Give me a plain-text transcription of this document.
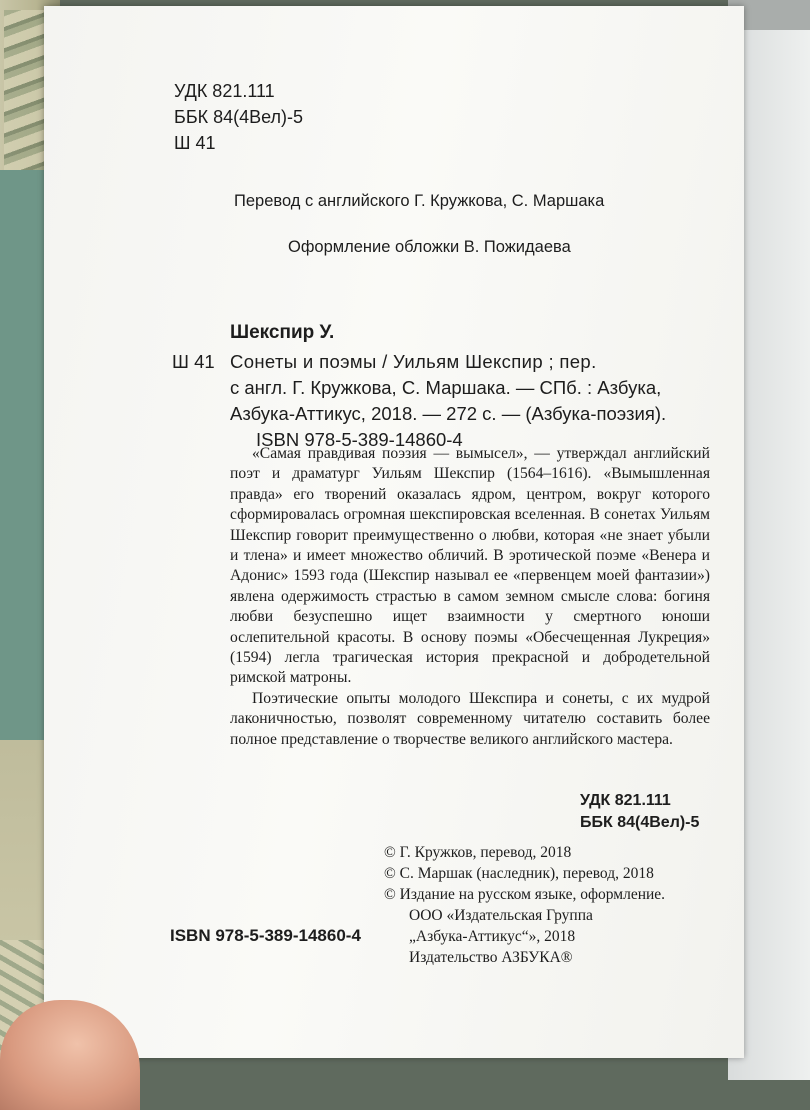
УДК 821.111
ББК 84(4Вел)-5
Ш 41
Перевод с английского Г. Кружкова, С. Маршака
Оформление обложки В. Пожидаева
Шекспир У.
Ш 41 Сонеты и поэмы / Уильям Шекспир ; пер.
с англ. Г. Кружкова, С. Маршака. — СПб. : Азбука,
Азбука-Аттикус, 2018. — 272 с. — (Азбука-поэзия).
ISBN 978-5-389-14860-4

«Самая правдивая поэзия — вымысел», — утверждал английский поэт и драматург Уильям Шекспир (1564–1616). «Вымышленная правда» его творений оказалась ядром, центром, вокруг которого сформировалась огромная шекспировская вселенная. В сонетах Уильям Шекспир говорит преимущественно о любви, которая «не знает убыли и тлена» и имеет множество обличий. В эротической поэме «Венера и Адонис» 1593 года (Шекспир называл ее «первенцем моей фантазии») явлена одержимость страстью в самом земном смысле слова: богиня любви безуспешно ищет взаимности у смертного юноши ослепительной красоты. В основу поэмы «Обесчещенная Лукреция» (1594) легла трагическая история прекрасной и добродетельной римской матроны.

Поэтические опыты молодого Шекспира и сонеты, с их мудрой лаконичностью, позволят современному читателю составить более полное представление о творчестве великого английского мастера.

УДК 821.111
ББК 84(4Вел)-5
ISBN 978-5-389-14860-4
© Г. Кружков, перевод, 2018
© С. Маршак (наследник), перевод, 2018
© Издание на русском языке, оформление.
ООО «Издательская Группа
„Азбука-Аттикус“», 2018
Издательство АЗБУКА®
